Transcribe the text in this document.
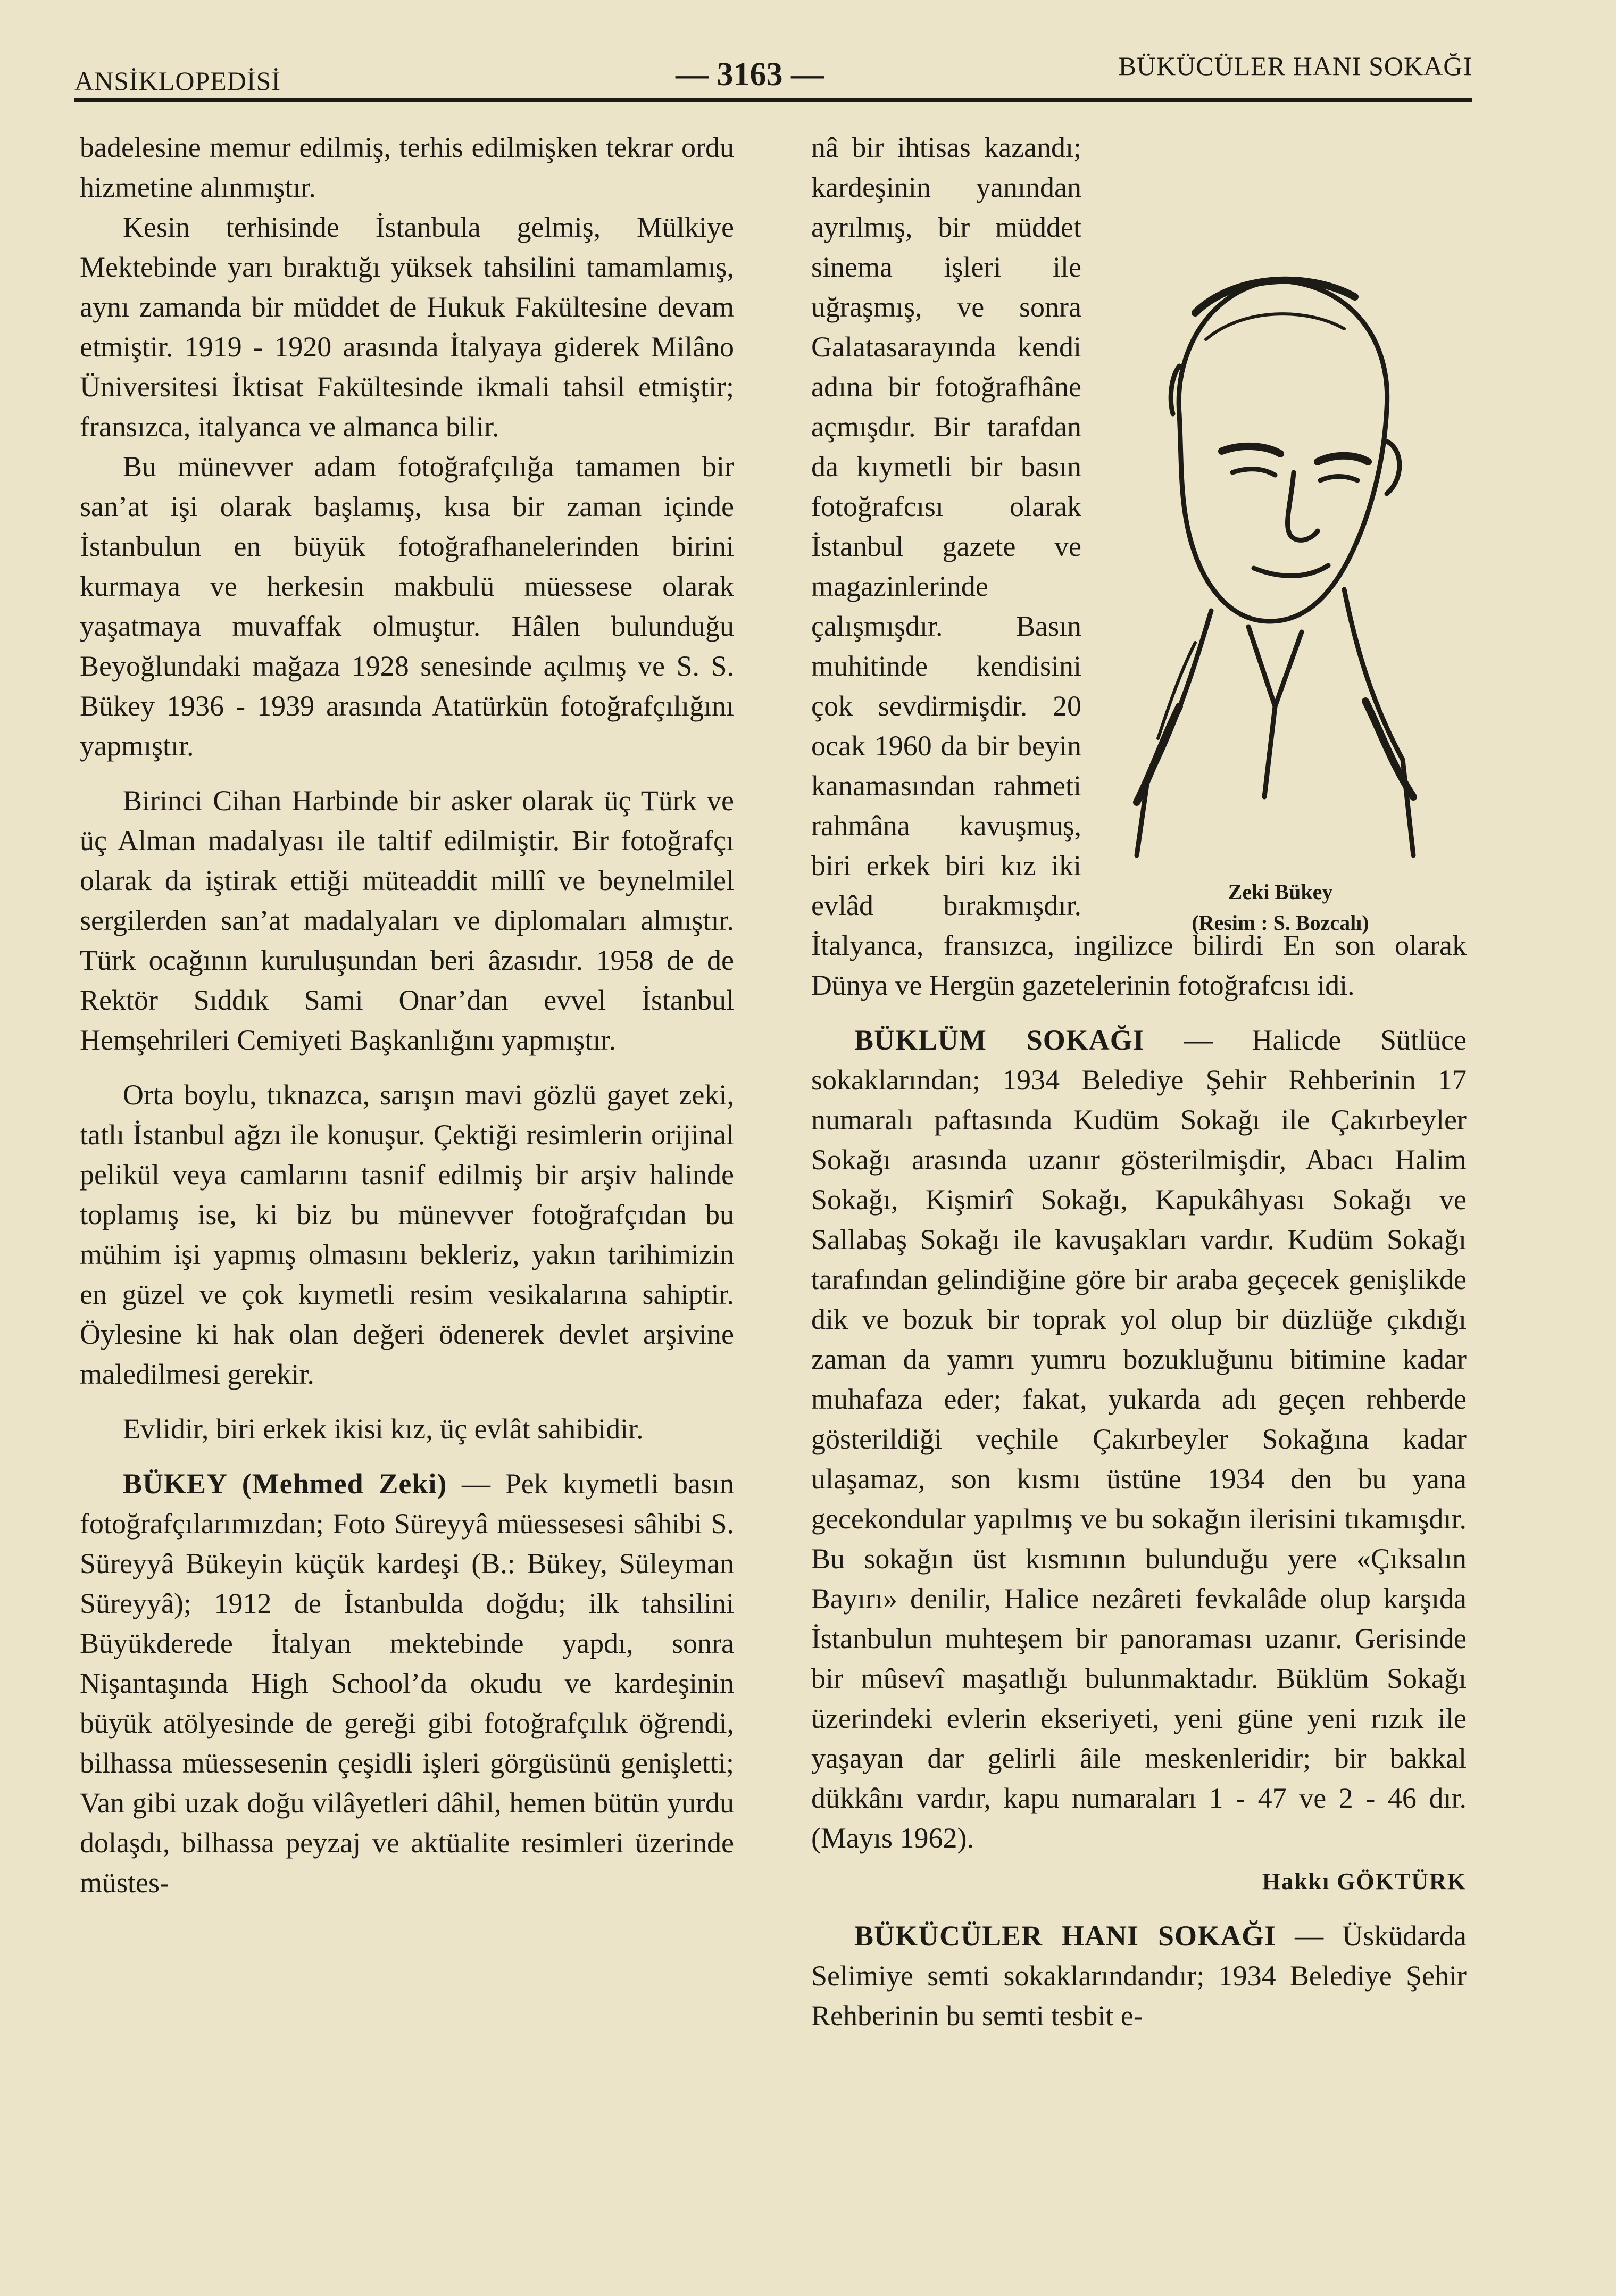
ANSİKLOPEDİSİ	— 3163 —	BÜKÜCÜLER HANI SOKAĞI

badelesine memur edilmiş, terhis edilmişken tekrar ordu hizmetine alınmıştır.

Kesin terhisinde İstanbula gelmiş, Mülkiye Mektebinde yarı bıraktığı yüksek tahsilini tamamlamış, aynı zamanda bir müddet de Hukuk Fakültesine devam etmiştir. 1919 - 1920 arasında İtalyaya giderek Milâno Üniversitesi İktisat Fakültesinde ikmali tahsil etmiştir; fransızca, italyanca ve almanca bilir.

Bu münevver adam fotoğrafçılığa tamamen bir san’at işi olarak başlamış, kısa bir zaman içinde İstanbulun en büyük fotoğrafhanelerinden birini kurmaya ve herkesin makbulü müessese olarak yaşatmaya muvaffak olmuştur. Hâlen bulunduğu Beyoğlundaki mağaza 1928 senesinde açılmış ve S. S. Bükey 1936 - 1939 arasında Atatürkün fotoğrafçılığını yapmıştır.

Birinci Cihan Harbinde bir asker olarak üç Türk ve üç Alman madalyası ile taltif edilmiştir. Bir fotoğrafçı olarak da iştirak ettiği müteaddit millî ve beynelmilel sergilerden san’at madalyaları ve diplomaları almıştır. Türk ocağının kuruluşundan beri âzasıdır. 1958 de de Rektör Sıddık Sami Onar’dan evvel İstanbul Hemşehrileri Cemiyeti Başkanlığını yapmıştır.

Orta boylu, tıknazca, sarışın mavi gözlü gayet zeki, tatlı İstanbul ağzı ile konuşur. Çektiği resimlerin orijinal pelikül veya camlarını tasnif edilmiş bir arşiv halinde toplamış ise, ki biz bu münevver fotoğrafçıdan bu mühim işi yapmış olmasını bekleriz, yakın tarihimizin en güzel ve çok kıymetli resim vesikalarına sahiptir. Öylesine ki hak olan değeri ödenerek devlet arşivine maledilmesi gerekir.

Evlidir, biri erkek ikisi kız, üç evlât sahibidir.

BÜKEY (Mehmed Zeki) — Pek kıymetli basın fotoğrafçılarımızdan; Foto Süreyyâ müessesesi sâhibi S. Süreyyâ Bükeyin küçük kardeşi (B.: Bükey, Süleyman Süreyyâ); 1912 de İstanbulda doğdu; ilk tahsilini Büyükderede İtalyan mektebinde yapdı, sonra Nişantaşında High School’da okudu ve kardeşinin büyük atölyesinde de gereği gibi fotoğrafçılık öğrendi, bilhassa müessesenin çeşidli işleri görgüsünü genişletti; Van gibi uzak doğu vilâyetleri dâhil, hemen bütün yurdu dolaşdı, bilhassa peyzaj ve aktüalite resimleri üzerinde müstes-

Zeki Bükey
(Resim : S. Bozcalı)

nâ bir ihtisas kazandı; kardeşinin yanından ayrılmış, bir müddet sinema işleri ile uğraşmış, ve sonra Galatasarayında kendi adına bir fotoğrafhâne açmışdır. Bir tarafdan da kıymetli bir basın fotoğrafcısı olarak İstanbul gazete ve magazinlerinde çalışmışdır. Basın muhitinde kendisini çok sevdirmişdir. 20 ocak 1960 da bir beyin kanamasından rahmeti rahmâna kavuşmuş, biri erkek biri kız iki evlâd bırakmışdır. İtalyanca, fransızca, ingilizce bilirdi En son olarak Dünya ve Hergün gazetelerinin fotoğrafcısı idi.

BÜKLÜM SOKAĞI — Halicde Sütlüce sokaklarından; 1934 Belediye Şehir Rehberinin 17 numaralı paftasında Kudüm Sokağı ile Çakırbeyler Sokağı arasında uzanır gösterilmişdir, Abacı Halim Sokağı, Kişmirî Sokağı, Kapukâhyası Sokağı ve Sallabaş Sokağı ile kavuşakları vardır. Kudüm Sokağı tarafından gelindiğine göre bir araba geçecek genişlikde dik ve bozuk bir toprak yol olup bir düzlüğe çıkdığı zaman da yamrı yumru bozukluğunu bitimine kadar muhafaza eder; fakat, yukarda adı geçen rehberde gösterildiği veçhile Çakırbeyler Sokağına kadar ulaşamaz, son kısmı üstüne 1934 den bu yana gecekondular yapılmış ve bu sokağın ilerisini tıkamışdır. Bu sokağın üst kısmının bulunduğu yere «Çıksalın Bayırı» denilir, Halice nezâreti fevkalâde olup karşıda İstanbulun muhteşem bir panoraması uzanır. Gerisinde bir mûsevî maşatlığı bulunmaktadır. Büklüm Sokağı üzerindeki evlerin ekseriyeti, yeni güne yeni rızık ile yaşayan dar gelirli âile meskenleridir; bir bakkal dükkânı vardır, kapu numaraları 1 - 47 ve 2 - 46 dır. (Mayıs 1962).

Hakkı GÖKTÜRK

BÜKÜCÜLER HANI SOKAĞI — Üsküdarda Selimiye semti sokaklarındandır; 1934 Belediye Şehir Rehberinin bu semti tesbit e-
